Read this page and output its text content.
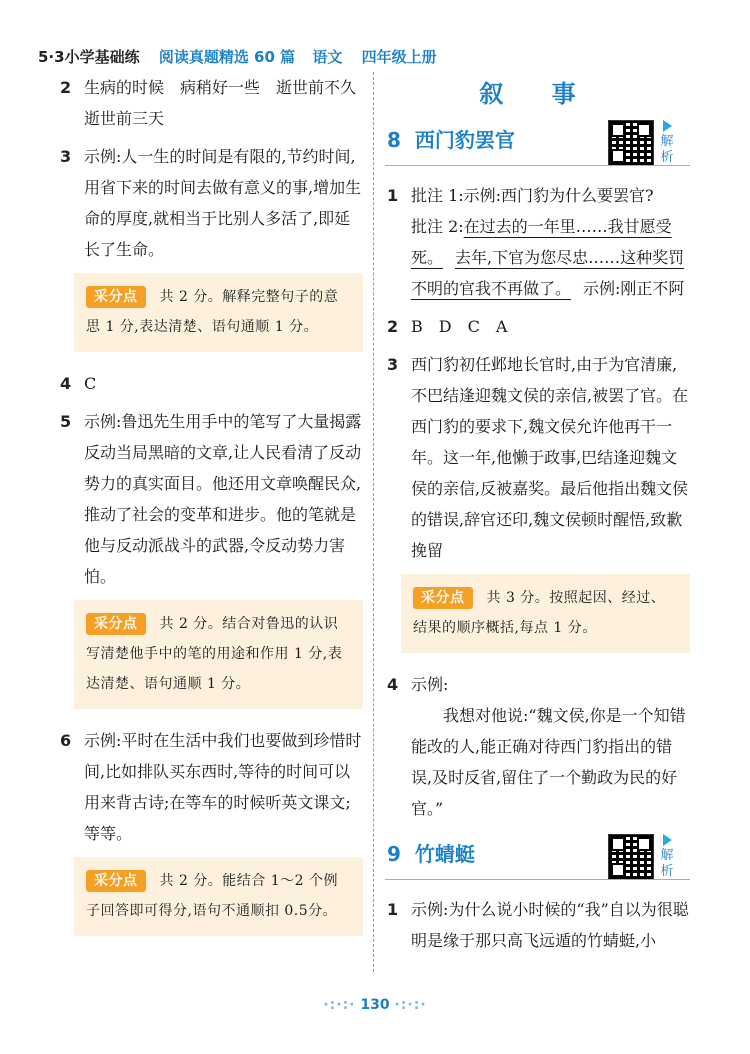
5·3小学基础练 阅读真题精选 60 篇 语文 四年级上册
2 生病的时候　病稍好一些　逝世前不久　逝世前三天
3 示例:人一生的时间是有限的,节约时间,用省下来的时间去做有意义的事,增加生命的厚度,就相当于比别人多活了,即延长了生命。
采分点 共 2 分。解释完整句子的意思 1 分,表达清楚、语句通顺 1 分。
4 C
5 示例:鲁迅先生用手中的笔写了大量揭露反动当局黑暗的文章,让人民看清了反动势力的真实面目。他还用文章唤醒民众,推动了社会的变革和进步。他的笔就是他与反动派战斗的武器,令反动势力害怕。
采分点 共 2 分。结合对鲁迅的认识写清楚他手中的笔的用途和作用 1 分,表达清楚、语句通顺 1 分。
6 示例:平时在生活中我们也要做到珍惜时间,比如排队买东西时,等待的时间可以用来背古诗;在等车的时候听英文课文;等等。
采分点 共 2 分。能结合 1～2 个例子回答即可得分,语句不通顺扣 0.5分。
叙 事
8 西门豹罢官	解析
1 批注 1:示例:西门豹为什么要罢官?
批注 2:在过去的一年里……我甘愿受死。 去年,下官为您尽忠……这种奖罚不明的官我不再做了。 示例:刚正不阿
2 B　D　C　A
3 西门豹初任邺地长官时,由于为官清廉,不巴结逢迎魏文侯的亲信,被罢了官。在西门豹的要求下,魏文侯允许他再干一年。这一年,他懒于政事,巴结逢迎魏文侯的亲信,反被嘉奖。最后他指出魏文侯的错误,辞官还印,魏文侯顿时醒悟,致歉挽留
采分点 共 3 分。按照起因、经过、结果的顺序概括,每点 1 分。
4 示例:
我想对他说:“魏文侯,你是一个知错能改的人,能正确对待西门豹指出的错误,及时反省,留住了一个勤政为民的好官。”
9 竹蜻蜓	解析
1 示例:为什么说小时候的“我”自以为很聪明是缘于那只高飞远遁的竹蜻蜓,小
·:·:· 130 ·:·:·
